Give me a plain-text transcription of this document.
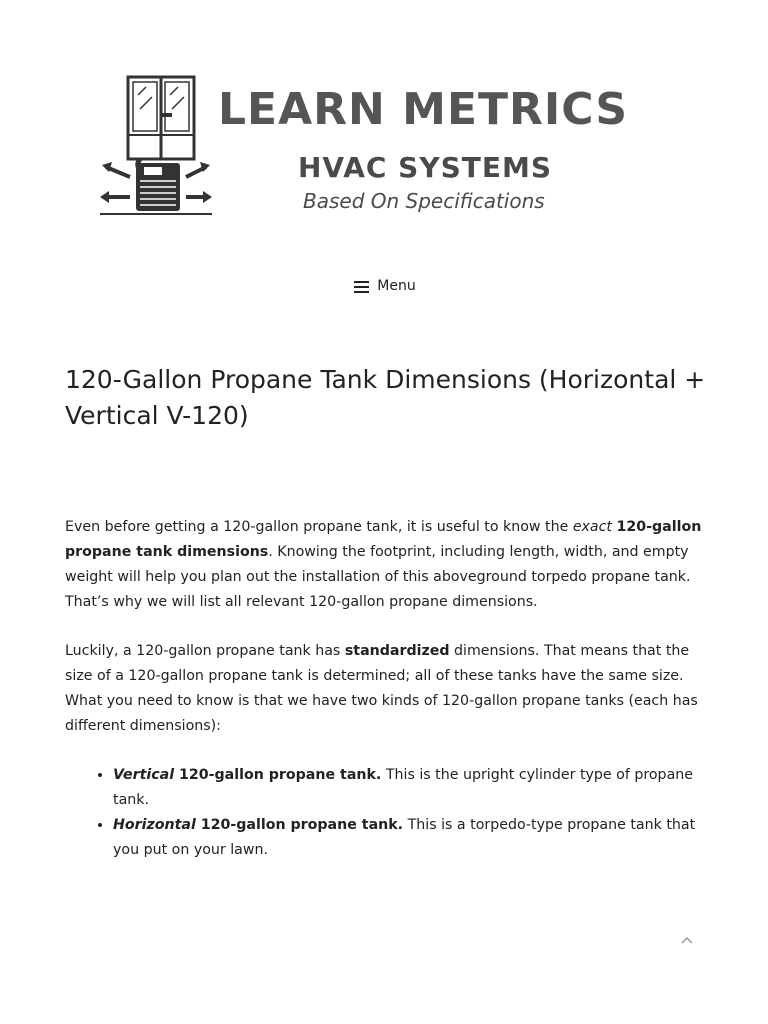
LEARN METRICS
HVAC SYSTEMS
Based On Specifications
Menu
120-Gallon Propane Tank Dimensions (Horizontal + Vertical V-120)

Even before getting a 120-gallon propane tank, it is useful to know the exact 120-gallon propane tank dimensions. Knowing the footprint, including length, width, and empty weight will help you plan out the installation of this aboveground torpedo propane tank. That’s why we will list all relevant 120-gallon propane dimensions.

Luckily, a 120-gallon propane tank has standardized dimensions. That means that the size of a 120-gallon propane tank is determined; all of these tanks have the same size. What you need to know is that we have two kinds of 120-gallon propane tanks (each has different dimensions):

• Vertical 120-gallon propane tank. This is the upright cylinder type of propane tank.
• Horizontal 120-gallon propane tank. This is a torpedo-type propane tank that you put on your lawn.
